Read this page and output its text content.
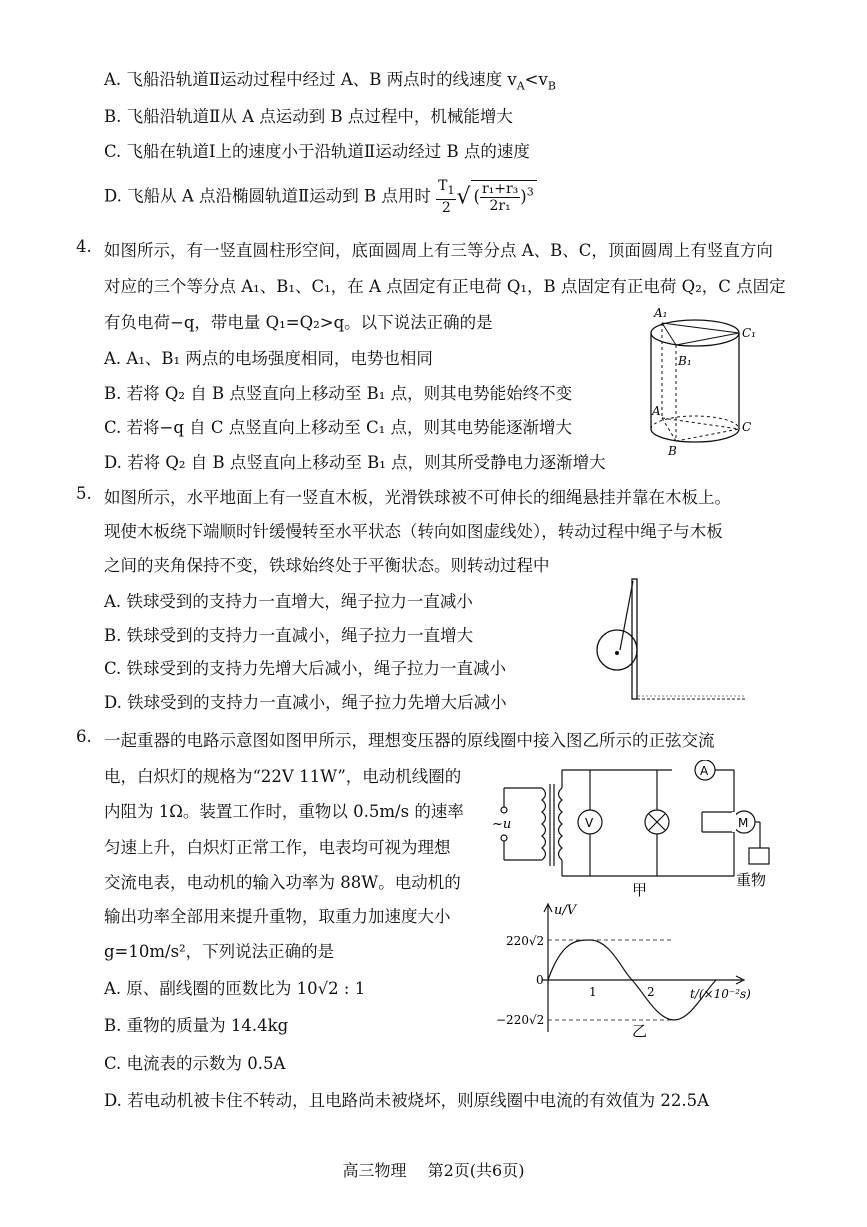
A. 飞船沿轨道Ⅱ运动过程中经过 A、B 两点时的线速度 $v_A<v_B$
B. 飞船沿轨道Ⅱ从 A 点运动到 B 点过程中，机械能增大
C. 飞船在轨道Ⅰ上的速度小于沿轨道Ⅱ运动经过 B 点的速度
D. 飞船从 A 点沿椭圆轨道Ⅱ运动到 B 点用时 $\frac{T_1}{2}$ √ ( $\frac{\text{r₁+r₃}}{\text{2r₁}} )^3$
4. 如图所示，有一竖直圆柱形空间，底面圆周上有三等分点 A、B、C，顶面圆周上有竖直方向
对应的三个等分点 A₁、B₁、C₁，在 A 点固定有正电荷 Q₁，B 点固定有正电荷 Q₂，C 点固定
有负电荷−q，带电量 Q₁=Q₂>q。以下说法正确的是
A. A₁、B₁ 两点的电场强度相同，电势也相同
B. 若将 Q₂ 自 B 点竖直向上移动至 B₁ 点，则其电势能始终不变
C. 若将−q 自 C 点竖直向上移动至 C₁ 点，则其电势能逐渐增大
D. 若将 Q₂ 自 B 点竖直向上移动至 B₁ 点，则其所受静电力逐渐增大
A₁
C₁
B₁
A
C
B
5. 如图所示，水平地面上有一竖直木板，光滑铁球被不可伸长的细绳悬挂并靠在木板上。
现使木板绕下端顺时针缓慢转至水平状态（转向如图虚线处），转动过程中绳子与木板
之间的夹角保持不变，铁球始终处于平衡状态。则转动过程中
A. 铁球受到的支持力一直增大，绳子拉力一直减小
B. 铁球受到的支持力一直减小，绳子拉力一直增大
C. 铁球受到的支持力先增大后减小，绳子拉力一直减小
D. 铁球受到的支持力一直减小，绳子拉力先增大后减小
6. 一起重器的电路示意图如图甲所示，理想变压器的原线圈中接入图乙所示的正弦交流
电，白炽灯的规格为“22V 11W”，电动机线圈的
内阻为 1Ω。装置工作时，重物以 0.5m/s 的速率
匀速上升，白炽灯正常工作，电表均可视为理想
交流电表，电动机的输入功率为 88W。电动机的
输出功率全部用来提升重物，取重力加速度大小
g=10m/s²，下列说法正确的是
A. 原、副线圈的匝数比为 10√2 : 1
B. 重物的质量为 14.4kg
C. 电流表的示数为 0.5A
D. 若电动机被卡住不转动，且电路尚未被烧坏，则原线圈中电流的有效值为 22.5A
~u	V
A
M
甲
重物
u/V
220√2
−220√2
0
1	2	t/(×10⁻²s)
乙
高三物理　 第2页(共6页)
